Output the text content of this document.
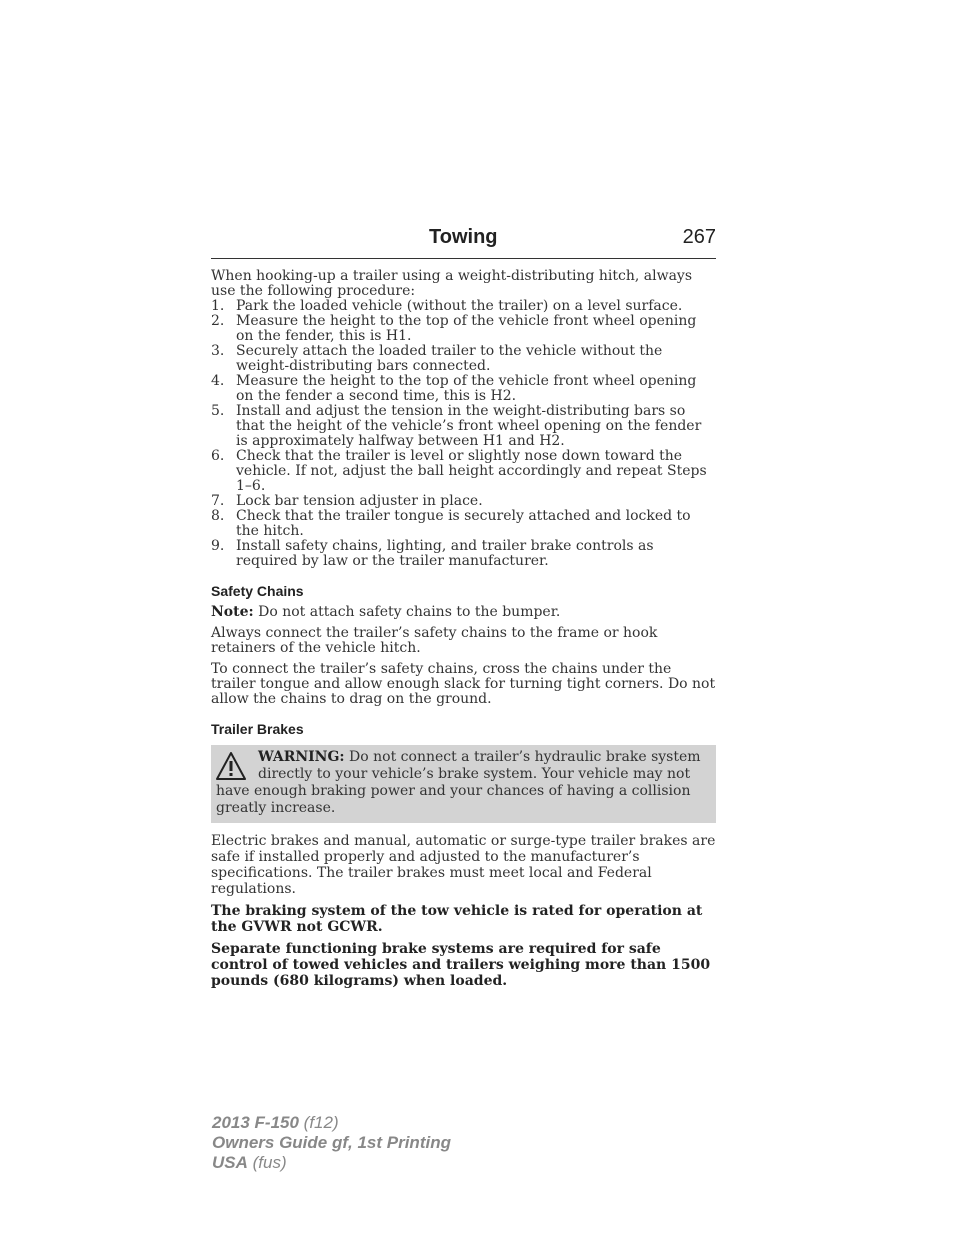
Towing	267

When hooking-up a trailer using a weight-distributing hitch, always use the following procedure:

1. Park the loaded vehicle (without the trailer) on a level surface.
2. Measure the height to the top of the vehicle front wheel opening on the fender, this is H1.
3. Securely attach the loaded trailer to the vehicle without the weight-distributing bars connected.
4. Measure the height to the top of the vehicle front wheel opening on the fender a second time, this is H2.
5. Install and adjust the tension in the weight-distributing bars so that the height of the vehicle’s front wheel opening on the fender is approximately halfway between H1 and H2.
6. Check that the trailer is level or slightly nose down toward the vehicle. If not, adjust the ball height accordingly and repeat Steps 1–6.
7. Lock bar tension adjuster in place.
8. Check that the trailer tongue is securely attached and locked to the hitch.
9. Install safety chains, lighting, and trailer brake controls as required by law or the trailer manufacturer.
Safety Chains

Note: Do not attach safety chains to the bumper.

Always connect the trailer’s safety chains to the frame or hook retainers of the vehicle hitch.

To connect the trailer’s safety chains, cross the chains under the trailer tongue and allow enough slack for turning tight corners. Do not allow the chains to drag on the ground.

Trailer Brakes
WARNING: Do not connect a trailer’s hydraulic brake system directly to your vehicle’s brake system. Your vehicle may not have enough braking power and your chances of having a collision greatly increase.

Electric brakes and manual, automatic or surge-type trailer brakes are safe if installed properly and adjusted to the manufacturer’s specifications. The trailer brakes must meet local and Federal regulations.

The braking system of the tow vehicle is rated for operation at the GVWR not GCWR.

Separate functioning brake systems are required for safe control of towed vehicles and trailers weighing more than 1500 pounds (680 kilograms) when loaded.

2013 F-150 (f12)
Owners Guide gf, 1st Printing
USA (fus)
